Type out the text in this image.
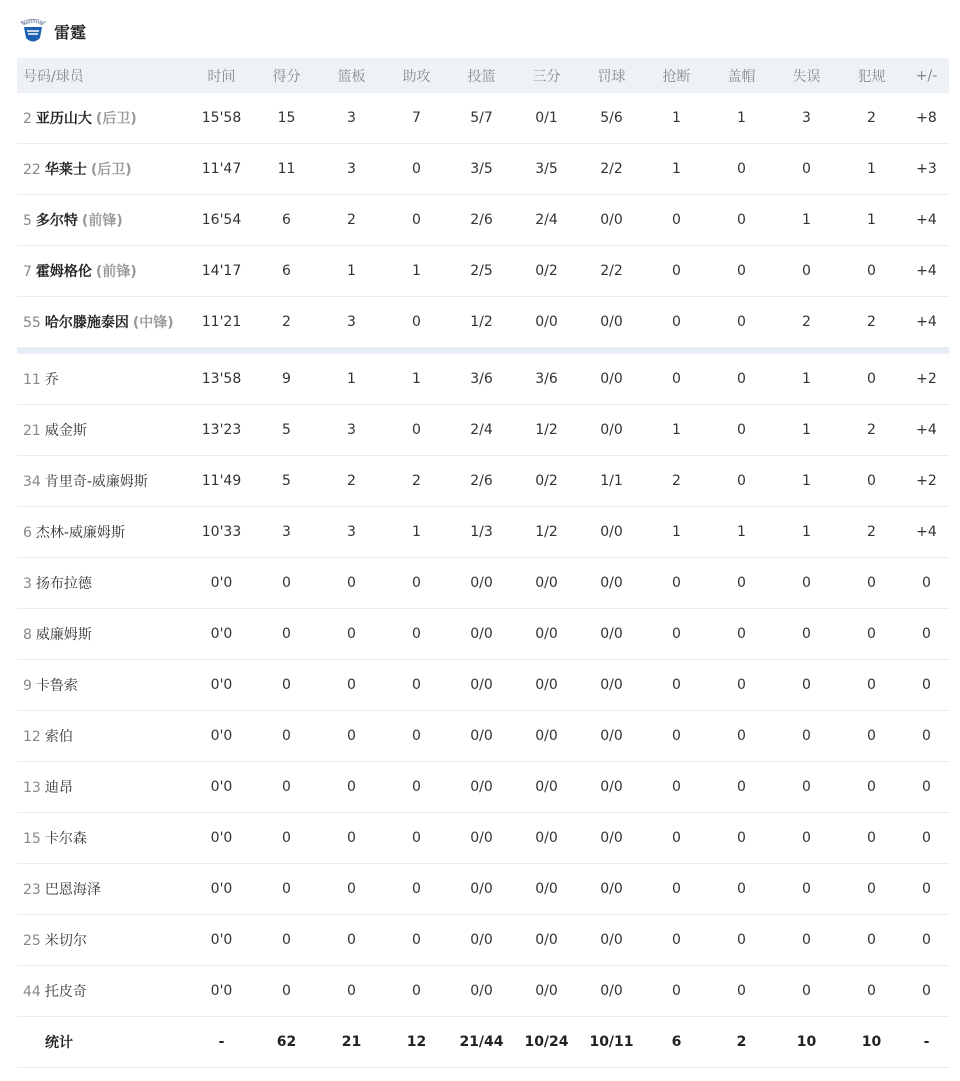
THUNDER
雷霆
号码/球员	时间	得分	篮板	助攻	投篮	三分	罚球	抢断	盖帽	失误	犯规	+/-
2 亚历山大 (后卫)	15'58	15	3	7	5/7	0/1	5/6	1	1	3	2	+8
22 华莱士 (后卫)	11'47	11	3	0	3/5	3/5	2/2	1	0	0	1	+3
5 多尔特 (前锋)	16'54	6	2	0	2/6	2/4	0/0	0	0	1	1	+4
7 霍姆格伦 (前锋)	14'17	6	1	1	2/5	0/2	2/2	0	0	0	0	+4
55 哈尔滕施泰因 (中锋)	11'21	2	3	0	1/2	0/0	0/0	0	0	2	2	+4

11 乔	13'58	9	1	1	3/6	3/6	0/0	0	0	1	0	+2
21 威金斯	13'23	5	3	0	2/4	1/2	0/0	1	0	1	2	+4
34 肯里奇-威廉姆斯	11'49	5	2	2	2/6	0/2	1/1	2	0	1	0	+2
6 杰林-威廉姆斯	10'33	3	3	1	1/3	1/2	0/0	1	1	1	2	+4
3 扬布拉德	0'0	0	0	0	0/0	0/0	0/0	0	0	0	0	0
8 威廉姆斯	0'0	0	0	0	0/0	0/0	0/0	0	0	0	0	0
9 卡鲁索	0'0	0	0	0	0/0	0/0	0/0	0	0	0	0	0
12 索伯	0'0	0	0	0	0/0	0/0	0/0	0	0	0	0	0
13 迪昂	0'0	0	0	0	0/0	0/0	0/0	0	0	0	0	0
15 卡尔森	0'0	0	0	0	0/0	0/0	0/0	0	0	0	0	0
23 巴恩海泽	0'0	0	0	0	0/0	0/0	0/0	0	0	0	0	0
25 米切尔	0'0	0	0	0	0/0	0/0	0/0	0	0	0	0	0
44 托皮奇	0'0	0	0	0	0/0	0/0	0/0	0	0	0	0	0
统计	-	62	21	12	21/44	10/24	10/11	6	2	10	10	-
